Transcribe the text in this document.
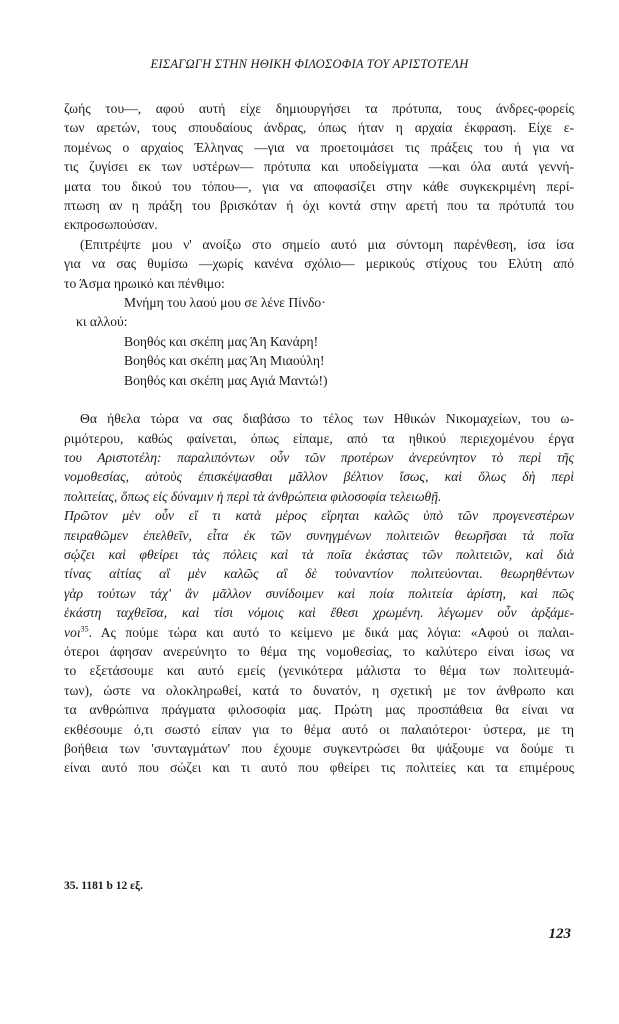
ΕΙΣΑΓΩΓΗ ΣΤΗΝ ΗΘΙΚΗ ΦΙΛΟΣΟΦΙΑ ΤΟΥ ΑΡΙΣΤΟΤΕΛΗ
ζωής του—, αφού αυτή είχε δημιουργήσει τα πρότυπα, τους άνδρες-φορείς
των αρετών, τους σπουδαίους άνδρας, όπως ήταν η αρχαία έκφραση. Είχε ε-
πομένως ο αρχαίος Έλληνας —για να προετοιμάσει τις πράξεις του ή για να
τις ζυγίσει εκ των υστέρων— πρότυπα και υποδείγματα —και όλα αυτά γεννή-
ματα του δικού του τόπου—, για να αποφασίζει στην κάθε συγκεκριμένη περί-
πτωση αν η πράξη του βρισκόταν ή όχι κοντά στην αρετή που τα πρότυπά του
εκπροσωπούσαν.
(Επιτρέψτε μου ν' ανοίξω στο σημείο αυτό μια σύντομη παρένθεση, ίσα ίσα
για να σας θυμίσω —χωρίς κανένα σχόλιο— μερικούς στίχους του Ελύτη από
το Άσμα ηρωικό και πένθιμο:
Μνήμη του λαού μου σε λένε Πίνδο·
κι αλλού:
Βοηθός και σκέπη μας Άη Κανάρη!
Βοηθός και σκέπη μας Άη Μιαούλη!
Βοηθός και σκέπη μας Αγιά Μαντώ!)
Θα ήθελα τώρα να σας διαβάσω το τέλος των Ηθικών Νικομαχείων, του ω-
ριμότερου, καθώς φαίνεται, όπως είπαμε, από τα ηθικού περιεχομένου έργα
του Αριστοτέλη: παραλιπόντων οὖν τῶν προτέρων ἀνερεύνητον τὸ περὶ τῆς
νομοθεσίας, αὐτοὺς ἐπισκέψασθαι μᾶλλον βέλτιον ἴσως, καὶ ὅλως δὴ περὶ
πολιτείας, ὅπως εἰς δύναμιν ἡ περὶ τὰ ἀνθρώπεια φιλοσοφία τελειωθῇ.
Πρῶτον μὲν οὖν εἴ τι κατὰ μέρος εἴρηται καλῶς ὑπὸ τῶν προγενεστέρων
πειραθῶμεν ἐπελθεῖν, εἶτα ἐκ τῶν συνηγμένων πολιτειῶν θεωρῆσαι τὰ ποῖα
σῴζει καὶ φθείρει τὰς πόλεις καὶ τὰ ποῖα ἑκάστας τῶν πολιτειῶν, καὶ διὰ
τίνας αἰτίας αἳ μὲν καλῶς αἳ δὲ τοὐναντίον πολιτεύονται. θεωρηθέντων
γὰρ τούτων τάχ' ἂν μᾶλλον συνίδοιμεν καὶ ποία πολιτεία ἀρίστη, καὶ πῶς
ἑκάστη ταχθεῖσα, καὶ τίσι νόμοις καὶ ἔθεσι χρωμένη. λέγωμεν οὖν ἀρξάμε-
νοι$^{35}$. Ας πούμε τώρα και αυτό το κείμενο με δικά μας λόγια: «Αφού οι παλαι-
ότεροι άφησαν ανερεύνητο το θέμα της νομοθεσίας, το καλύτερο είναι ίσως να
το εξετάσουμε και αυτό εμείς (γενικότερα μάλιστα το θέμα των πολιτευμά-
των), ώστε να ολοκληρωθεί, κατά το δυνατόν, η σχετική με τον άνθρωπο και
τα ανθρώπινα πράγματα φιλοσοφία μας. Πρώτη μας προσπάθεια θα είναι να
εκθέσουμε ό,τι σωστό είπαν για το θέμα αυτό οι παλαιότεροι· ύστερα, με τη
βοήθεια των 'συνταγμάτων' που έχουμε συγκεντρώσει θα ψάξουμε να δούμε τι
είναι αυτό που σώζει και τι αυτό που φθείρει τις πολιτείες και τα επιμέρους
35. 1181 b 12 εξ.
123
